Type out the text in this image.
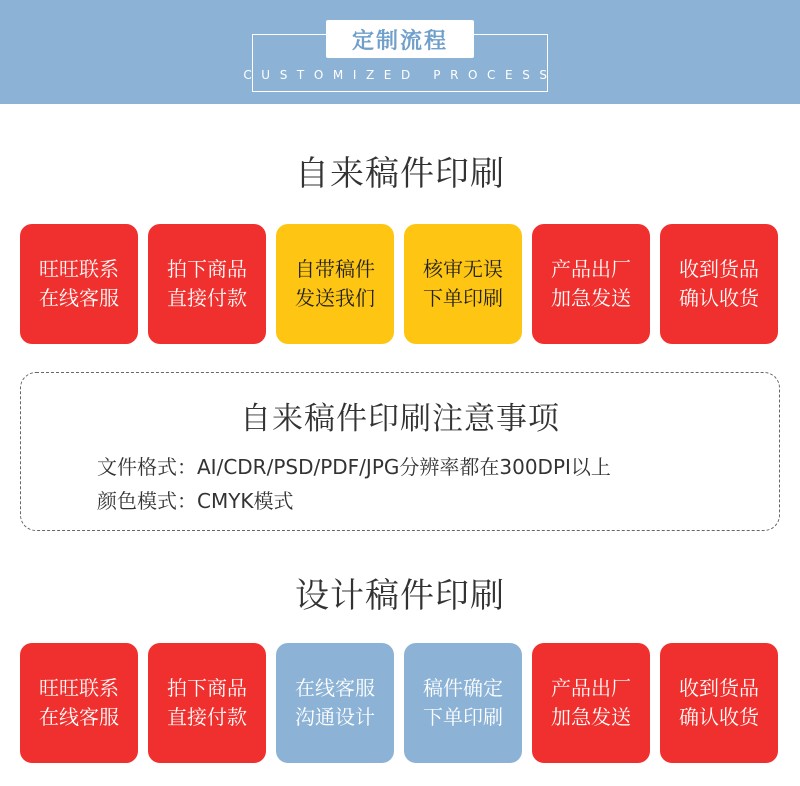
定制流程
CUSTOMIZED PROCESS
自来稿件印刷
旺旺联系
在线客服
拍下商品
直接付款
自带稿件
发送我们
核审无误
下单印刷
产品出厂
加急发送
收到货品
确认收货
自来稿件印刷注意事项
文件格式：AI/CDR/PSD/PDF/JPG分辨率都在300DPI以上
颜色模式：CMYK模式
设计稿件印刷
旺旺联系
在线客服
拍下商品
直接付款
在线客服
沟通设计
稿件确定
下单印刷
产品出厂
加急发送
收到货品
确认收货
